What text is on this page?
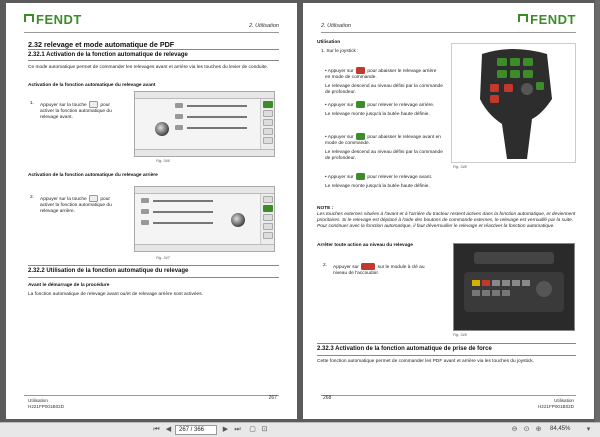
FENDT	2. Utilisation
2.32 relevage et mode automatique de PDF
2.32.1 Activation de la fonction automatique de relevage
Ce mode automatique permet de commander les relevages avant et arrière via les touches du levier de conduite.
Activation de la fonction automatique du relevage avant
1. Appuyer sur la touche	pour activer la fonction automatique du relevage avant.
Fig. 346
Activation de la fonction automatique du relevage arrière
2. Appuyer sur la touche	pour activer la fonction automatique du relevage arrière.
Fig. 347
2.32.2 Utilisation de la fonction automatique du relevage
Avant le démarrage de la procédure
La fonction automatique de relevage avant ou/et de relevage arrière sont activées.
Utilisation
H221FP001B02D
267
2. Utilisation	FENDT
Utilisation
1. Sur le joystick :
• Appuyer sur	pour abaisser le relevage arrière en mode de commande.
Le relevage descend au niveau défini par la commande de profondeur.
• Appuyer sur	pour relever le relevage arrière.
Le relevage monte jusqu'à la butée haute définie.
• Appuyer sur	pour abaisser le relevage avant en mode de commande.
Le relevage descend au niveau défini par la commande de profondeur.
• Appuyer sur	pour relever le relevage avant.
Le relevage monte jusqu'à la butée haute définie.
Fig. 348
NOTE :
Les touches externes situées à l'avant et à l'arrière du tracteur restent actives dans la fonction automatique, et deviennent prioritaires. Si le relevage est déplacé à l'aide des boutons de commande externes, le relevage est verrouillé par la suite. Pour continuer avec la fonction automatique, il faut déverrouiller le relevage et réactiver la fonction automatique.
Arrêter toute action au niveau du relevage
2. Appuyer sur	sur le module à clé au niveau de l'accoudoir.
Fig. 349
2.32.3 Activation de la fonction automatique de prise de force
Cette fonction automatique permet de commander les PDF avant et arrière via les touches du joystick.
268	Utilisation
H221FP001B02D
⏮ ◀	267 / 366	▶ ⏭ ▢ ⊡	⊖ ⊙ ⊕ 84,45%	▾
